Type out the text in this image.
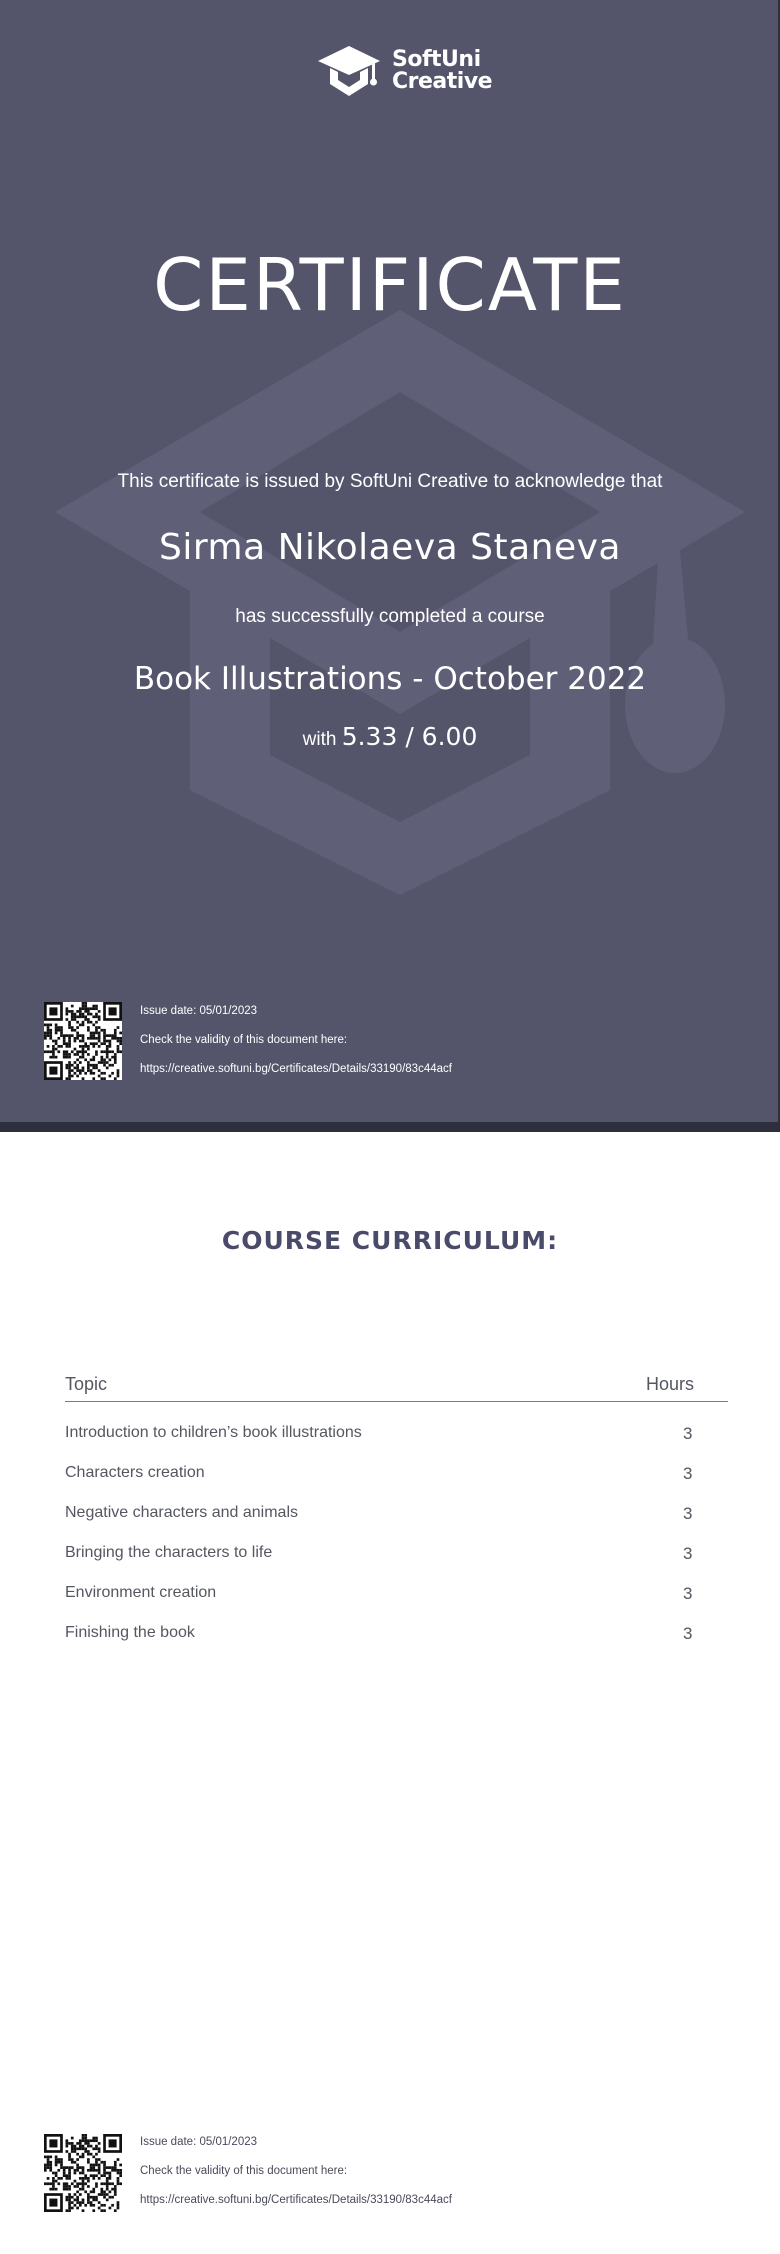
SoftUni
Creative
CERTIFICATE

This certificate is issued by SoftUni Creative to acknowledge that

Sirma Nikolaeva Staneva

has successfully completed a course

Book Illustrations - October 2022

with 5.33 / 6.00

Issue date: 05/01/2023
Check the validity of this document here:
https://creative.softuni.bg/Certificates/Details/33190/83c44acf
COURSE CURRICULUM:
Topic	Hours
Introduction to children’s book illustrations	3
Characters creation	3
Negative characters and animals	3
Bringing the characters to life	3
Environment creation	3
Finishing the book	3
Issue date: 05/01/2023
Check the validity of this document here:
https://creative.softuni.bg/Certificates/Details/33190/83c44acf
